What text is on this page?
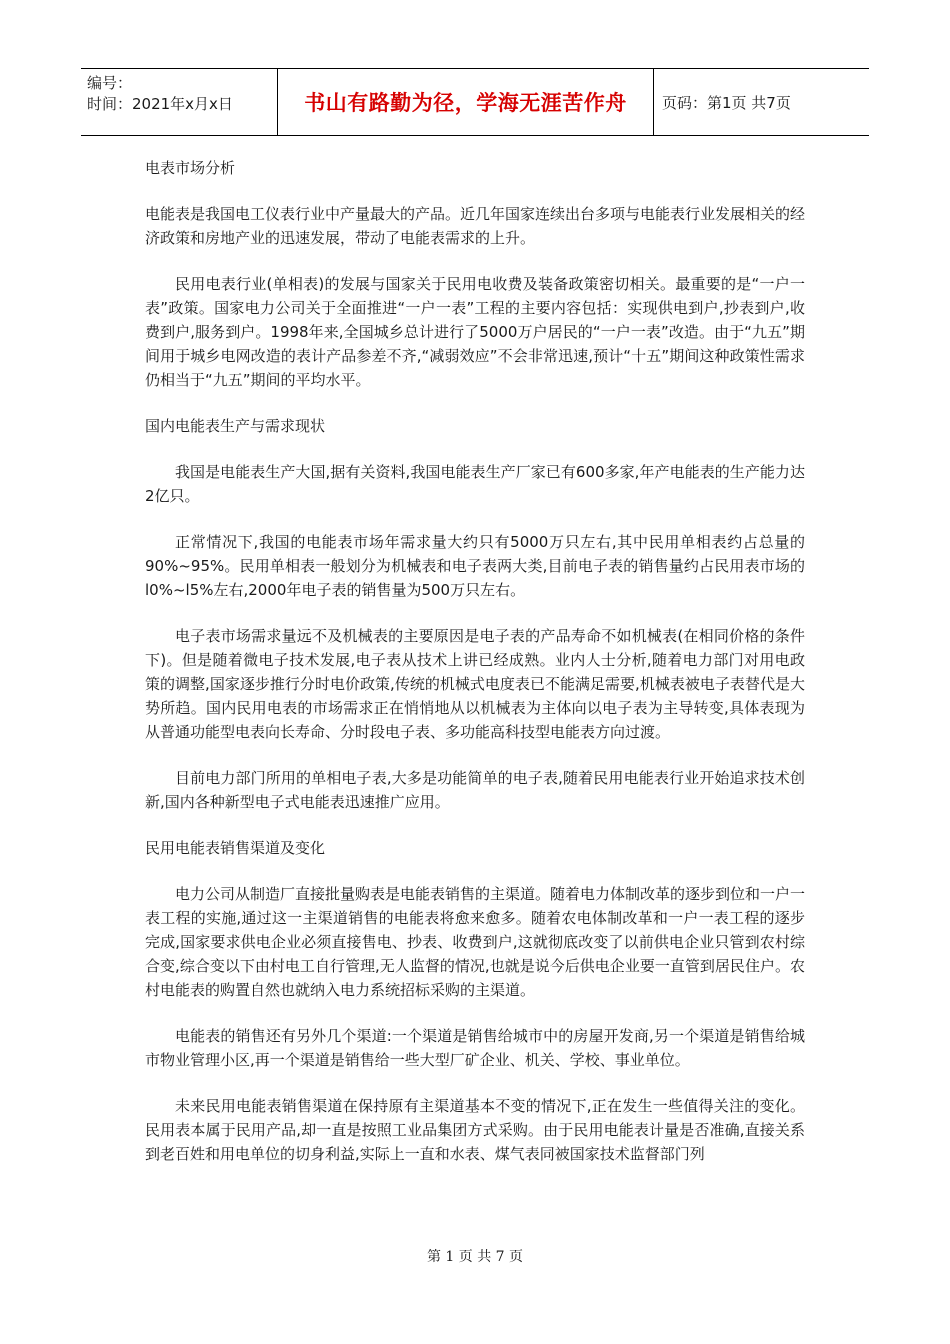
编号：
时间：2021年x月x日	书山有路勤为径，学海无涯苦作舟 页码：第1页 共7页

电表市场分析

电能表是我国电工仪表行业中产量最大的产品。近几年国家连续出台多项与电能表行业发展相关的经济政策和房地产业的迅速发展，带动了电能表需求的上升。

民用电表行业(单相表)的发展与国家关于民用电收费及装备政策密切相关。最重要的是“一户一表”政策。国家电力公司关于全面推进“一户一表”工程的主要内容包括：实现供电到户,抄表到户,收费到户,服务到户。1998年来,全国城乡总计进行了5000万户居民的“一户一表”改造。由于“九五”期间用于城乡电网改造的表计产品参差不齐,“减弱效应”不会非常迅速,预计“十五”期间这种政策性需求仍相当于“九五”期间的平均水平。

国内电能表生产与需求现状

我国是电能表生产大国,据有关资料,我国电能表生产厂家已有600多家,年产电能表的生产能力达2亿只。

正常情况下,我国的电能表市场年需求量大约只有5000万只左右,其中民用单相表约占总量的90%~95%。民用单相表一般划分为机械表和电子表两大类,目前电子表的销售量约占民用表市场的l0%~l5%左右,2000年电子表的销售量为500万只左右。

电子表市场需求量远不及机械表的主要原因是电子表的产品寿命不如机械表(在相同价格的条件下)。但是随着微电子技术发展,电子表从技术上讲已经成熟。业内人士分析,随着电力部门对用电政策的调整,国家逐步推行分时电价政策,传统的机械式电度表已不能满足需要,机械表被电子表替代是大势所趋。国内民用电表的市场需求正在悄悄地从以机械表为主体向以电子表为主导转变,具体表现为从普通功能型电表向长寿命、分时段电子表、多功能高科技型电能表方向过渡。

目前电力部门所用的单相电子表,大多是功能简单的电子表,随着民用电能表行业开始追求技术创新,国内各种新型电子式电能表迅速推广应用。

民用电能表销售渠道及变化

电力公司从制造厂直接批量购表是电能表销售的主渠道。随着电力体制改革的逐步到位和一户一表工程的实施,通过这一主渠道销售的电能表将愈来愈多。随着农电体制改革和一户一表工程的逐步完成,国家要求供电企业必须直接售电、抄表、收费到户,这就彻底改变了以前供电企业只管到农村综合变,综合变以下由村电工自行管理,无人监督的情况,也就是说今后供电企业要一直管到居民住户。农村电能表的购置自然也就纳入电力系统招标采购的主渠道。

电能表的销售还有另外几个渠道:一个渠道是销售给城市中的房屋开发商,另一个渠道是销售给城市物业管理小区,再一个渠道是销售给一些大型厂矿企业、机关、学校、事业单位。

未来民用电能表销售渠道在保持原有主渠道基本不变的情况下,正在发生一些值得关注的变化。民用表本属于民用产品,却一直是按照工业品集团方式采购。由于民用电能表计量是否准确,直接关系到老百姓和用电单位的切身利益,实际上一直和水表、煤气表同被国家技术监督部门列

第 1 页 共 7 页
